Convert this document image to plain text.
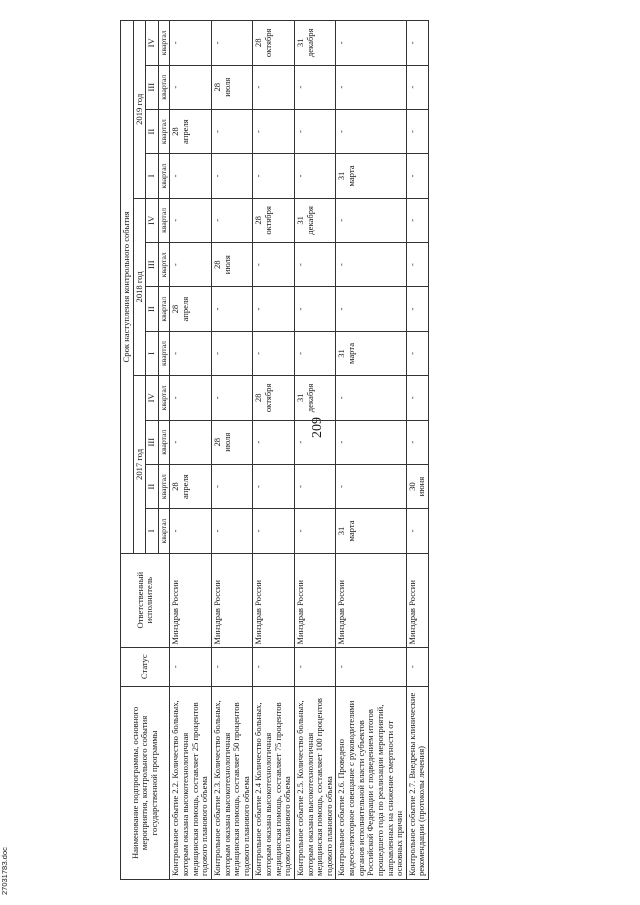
209
2703178З.doc
Наименование подпрограммы, основного мероприятия, контрольного события государственной программы	Статус	Ответственный исполнитель	Срок наступления контрольного события											
			2017 год				2018 год				2019 год			
			I	II	III	IV	I	II	III	IV	I	II	III	IV
			квартал	квартал	квартал	квартал	квартал	квартал	квартал	квартал	квартал	квартал	квартал	квартал
Контрольное событие 2.2. Количество больных, которым оказана высокотехнологичная медицинская помощь, составляет 25 процентов годового планового объема	-	Минздрав России	-	28 апреля	-	-	-	28 апреля	-	-	-	28 апреля	-	-

Контрольное событие 2.3. Количество больных, которым оказана высокотехнологичная медицинская помощь, составляет 50 процентов годового планового объема	-	Минздрав России	-	-	28 июля	-	-	-	28 июля	-	-	-	28 июля	-

Контрольное событие 2.4 Количество больных, которым оказана высокотехнологичная медицинская помощь, составляет 75 процентов годового планового объема	-	Минздрав России	-	-	-	28 октября	-	-	-	28 октября	-	-	-	28 октября

Контрольное событие 2.5. Количество больных, которым оказана высокотехнологичная медицинская помощь, составляет 100 процентов годового планового объема	-	Минздрав России	-	-	-	31 декабря	-	-	-	31 декабря	-	-	-	31 декабря

Контрольное событие 2.6. Проведено видеоселекторное совещание с руководителями органов исполнительной власти субъектов Российской Федерации с подведением итогов прошедшего года по реализации мероприятий, направленных на снижение смертности от основных причин	-	Минздрав России	31 марта	-	-	-	31 марта	-	-	-	31 марта	-	-	-

Контрольное событие 2.7. Внедрены клинические рекомендации (протоколы лечения)	-	Минздрав России	-	30 июня	-	-	-	-	-	-	-	-	-	-
